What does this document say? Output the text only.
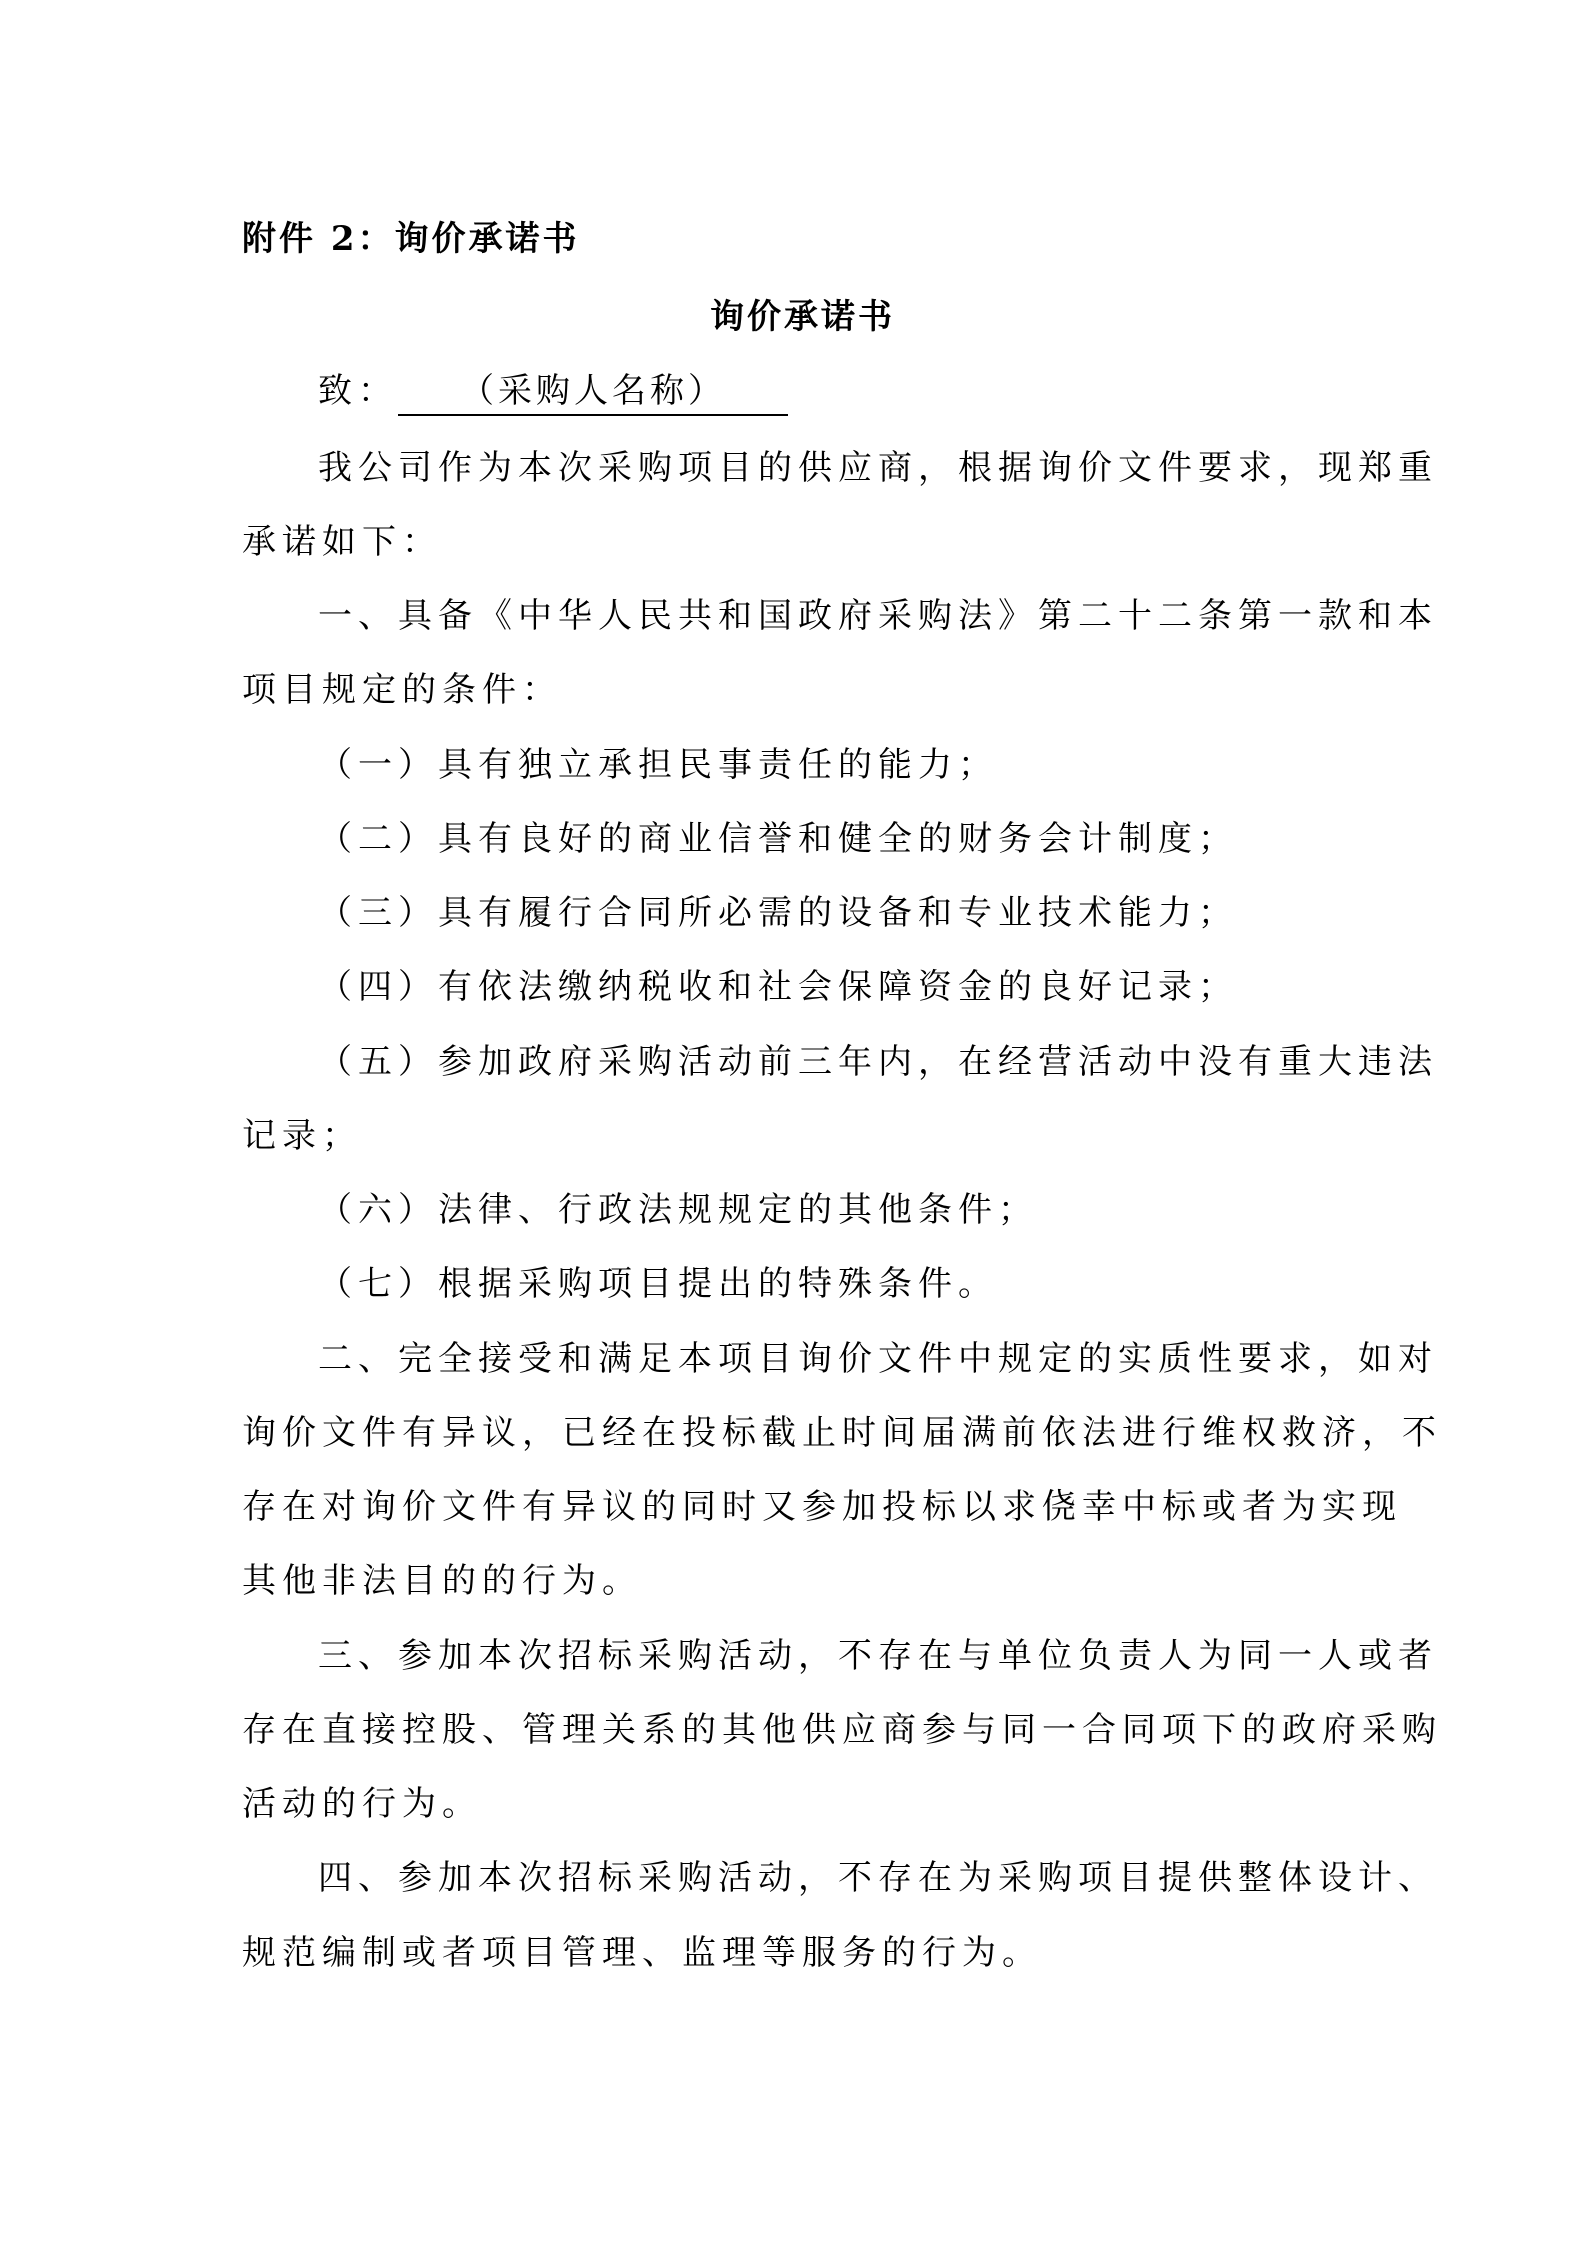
附件 2：询价承诺书
询价承诺书
致： （采购人名称）
我公司作为本次采购项目的供应商，根据询价文件要求，现郑重
承诺如下：
一、具备《中华人民共和国政府采购法》第二十二条第一款和本
项目规定的条件：
（一）具有独立承担民事责任的能力；
（二）具有良好的商业信誉和健全的财务会计制度；
（三）具有履行合同所必需的设备和专业技术能力；
（四）有依法缴纳税收和社会保障资金的良好记录；
（五）参加政府采购活动前三年内，在经营活动中没有重大违法
记录；
（六）法律、行政法规规定的其他条件；
（七）根据采购项目提出的特殊条件。
二、完全接受和满足本项目询价文件中规定的实质性要求，如对
询价文件有异议，已经在投标截止时间届满前依法进行维权救济，不
存在对询价文件有异议的同时又参加投标以求侥幸中标或者为实现
其他非法目的的行为。
三、参加本次招标采购活动，不存在与单位负责人为同一人或者
存在直接控股、管理关系的其他供应商参与同一合同项下的政府采购
活动的行为。
四、参加本次招标采购活动，不存在为采购项目提供整体设计、
规范编制或者项目管理、监理等服务的行为。
